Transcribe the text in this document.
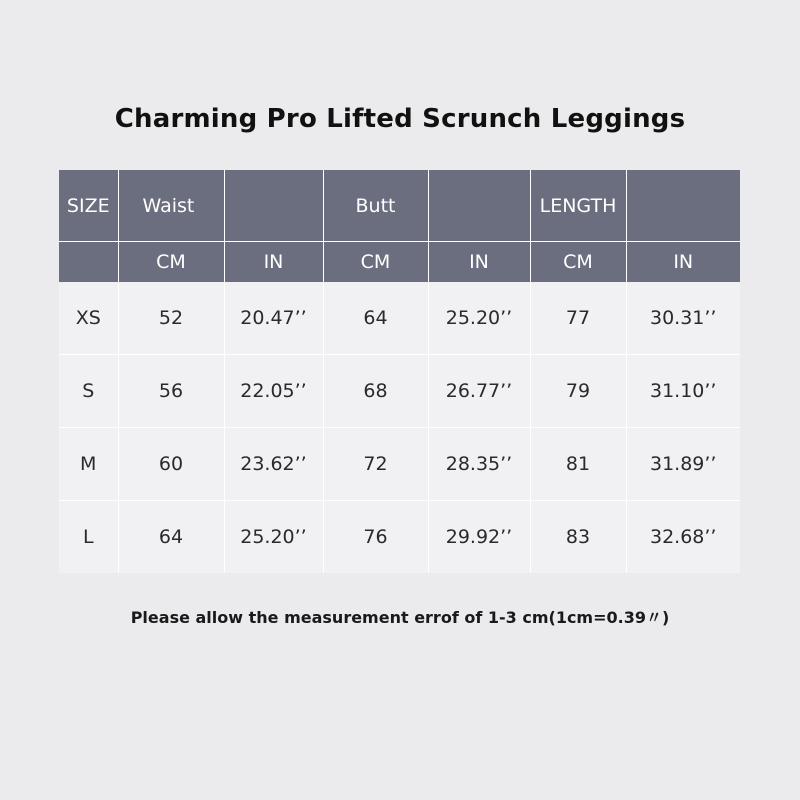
Charming Pro Lifted Scrunch Leggings
SIZE	Waist		Butt		LENGTH	
	CM	IN	CM	IN	CM	IN
XS	52	20.47’’	64	25.20’’	77	30.31’’
S	56	22.05’’	68	26.77’’	79	31.10’’
M	60	23.62’’	72	28.35’’	81	31.89’’
L	64	25.20’’	76	29.92’’	83	32.68’’
Please allow the measurement errof of 1-3 cm(1cm=0.39〃)
